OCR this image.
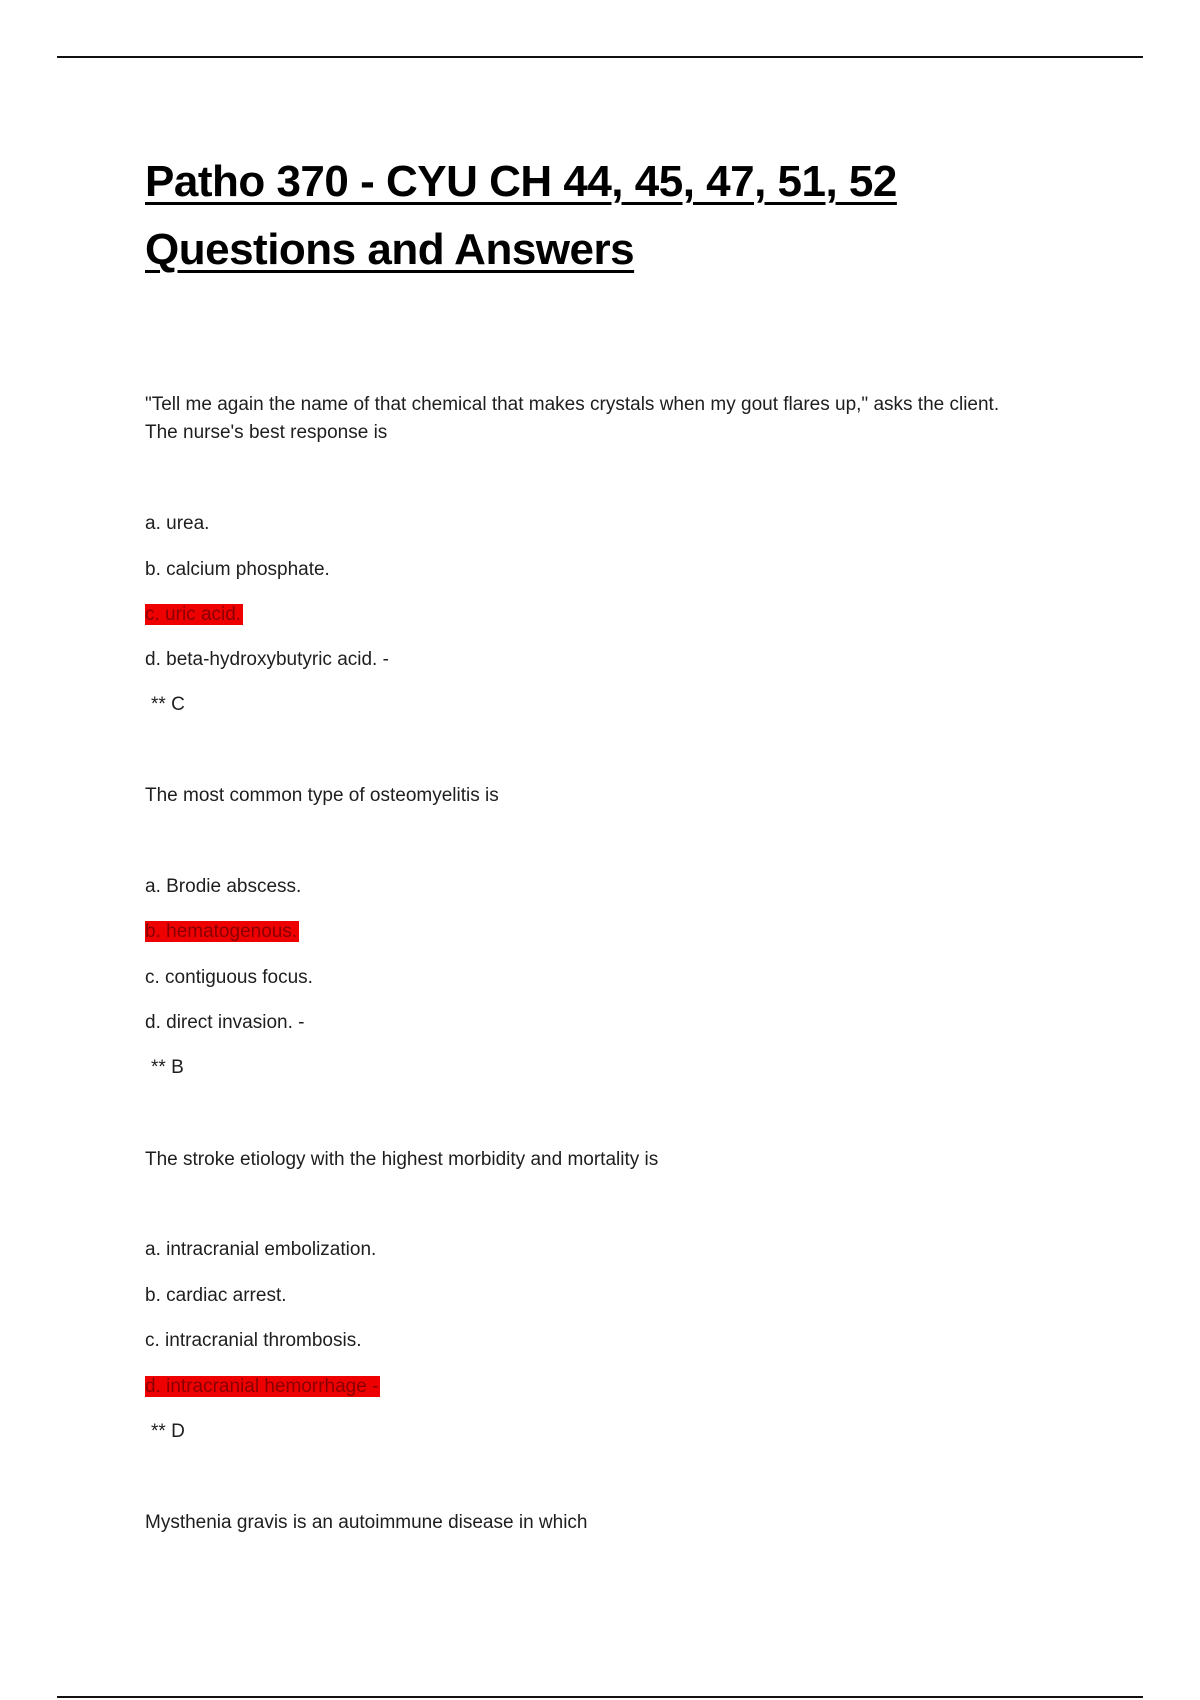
Patho 370 - CYU CH 44, 45, 47, 51, 52
Questions and Answers

"Tell me again the name of that chemical that makes crystals when my gout flares up," asks the client. The nurse's best response is

a. urea.

b. calcium phosphate.

c. uric acid.

d. beta-hydroxybutyric acid. -

** C

The most common type of osteomyelitis is

a. Brodie abscess.

b. hematogenous.

c. contiguous focus.

d. direct invasion. -

** B

The stroke etiology with the highest morbidity and mortality is

a. intracranial embolization.

b. cardiac arrest.

c. intracranial thrombosis.

d. intracranial hemorrhage -

** D

Mysthenia gravis is an autoimmune disease in which
